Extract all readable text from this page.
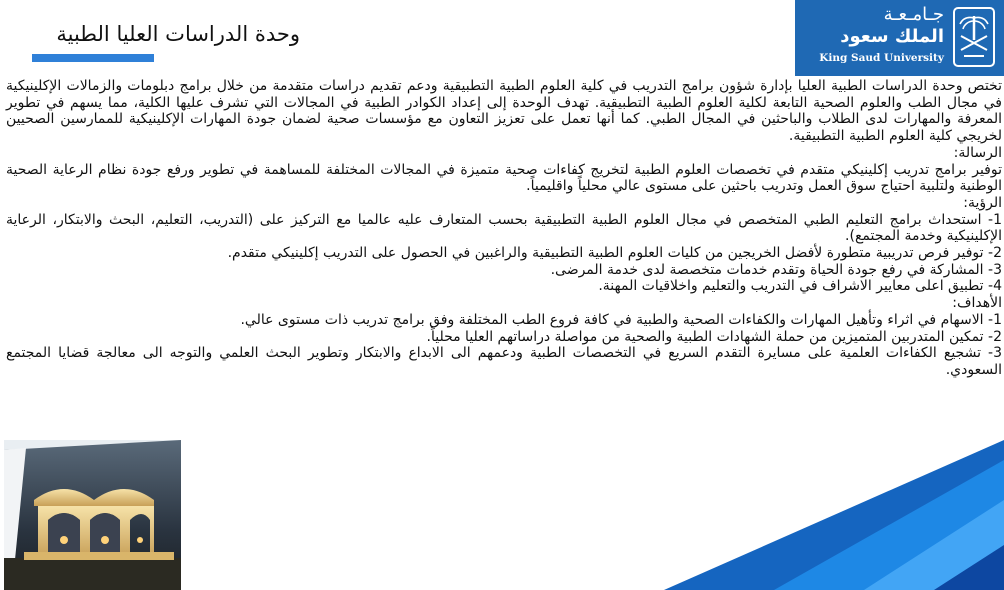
وحدة الدراسات العليا الطبية
جـامـعـة
الملك سعود
King Saud University

تختص وحدة الدراسات الطبية العليا بإدارة شؤون برامج التدريب في كلية العلوم الطبية التطبيقية ودعم تقديم دراسات متقدمة من خلال برامج دبلومات والزمالات الإكلينيكية في مجال الطب والعلوم الصحية التابعة لكلية العلوم الطبية التطبيقية. تهدف الوحدة إلى إعداد الكوادر الطبية في المجالات التي تشرف عليها الكلية، مما يسهم في تطوير المعرفة والمهارات لدى الطلاب والباحثين في المجال الطبي. كما أنها تعمل على تعزيز التعاون مع مؤسسات صحية لضمان جودة المهارات الإكلينيكية للممارسين الصحيين لخريجي كلية العلوم الطبية التطبيقية.

الرسالة:

توفير برامج تدريب إكلينيكي متقدم في تخصصات العلوم الطبية لتخريج كفاءات صحية متميزة في المجالات المختلفة للمساهمة في تطوير ورفع جودة نظام الرعاية الصحية الوطنية ولتلبية احتياج سوق العمل وتدريب باحثين على مستوى عالي محلياً واقليمياً.

الرؤية:

1- استحداث برامج التعليم الطبي المتخصص في مجال العلوم الطبية التطبيقية بحسب المتعارف عليه عالميا مع التركيز على (التدريب، التعليم، البحث والابتكار، الرعاية الإكلينيكية وخدمة المجتمع).

2- توفير فرص تدريبية متطورة لأفضل الخريجين من كليات العلوم الطبية التطبيقية والراغبين في الحصول على التدريب إكلينيكي متقدم.

3- المشاركة في رفع جودة الحياة وتقدم خدمات متخصصة لدى خدمة المرضى.

4- تطبيق اعلى معايير الاشراف في التدريب والتعليم واخلاقيات المهنة.

الأهداف:

1- الاسهام في اثراء وتأهيل المهارات والكفاءات الصحية والطبية في كافة فروع الطب المختلفة وفق برامج تدريب ذات مستوى عالي.

2- تمكين المتدربين المتميزين من حملة الشهادات الطبية والصحية من مواصلة دراساتهم العليا محلياً.

3- تشجيع الكفاءات العلمية على مسايرة التقدم السريع في التخصصات الطبية ودعمهم الى الابداع والابتكار وتطوير البحث العلمي والتوجه الى معالجة قضايا المجتمع السعودي.
